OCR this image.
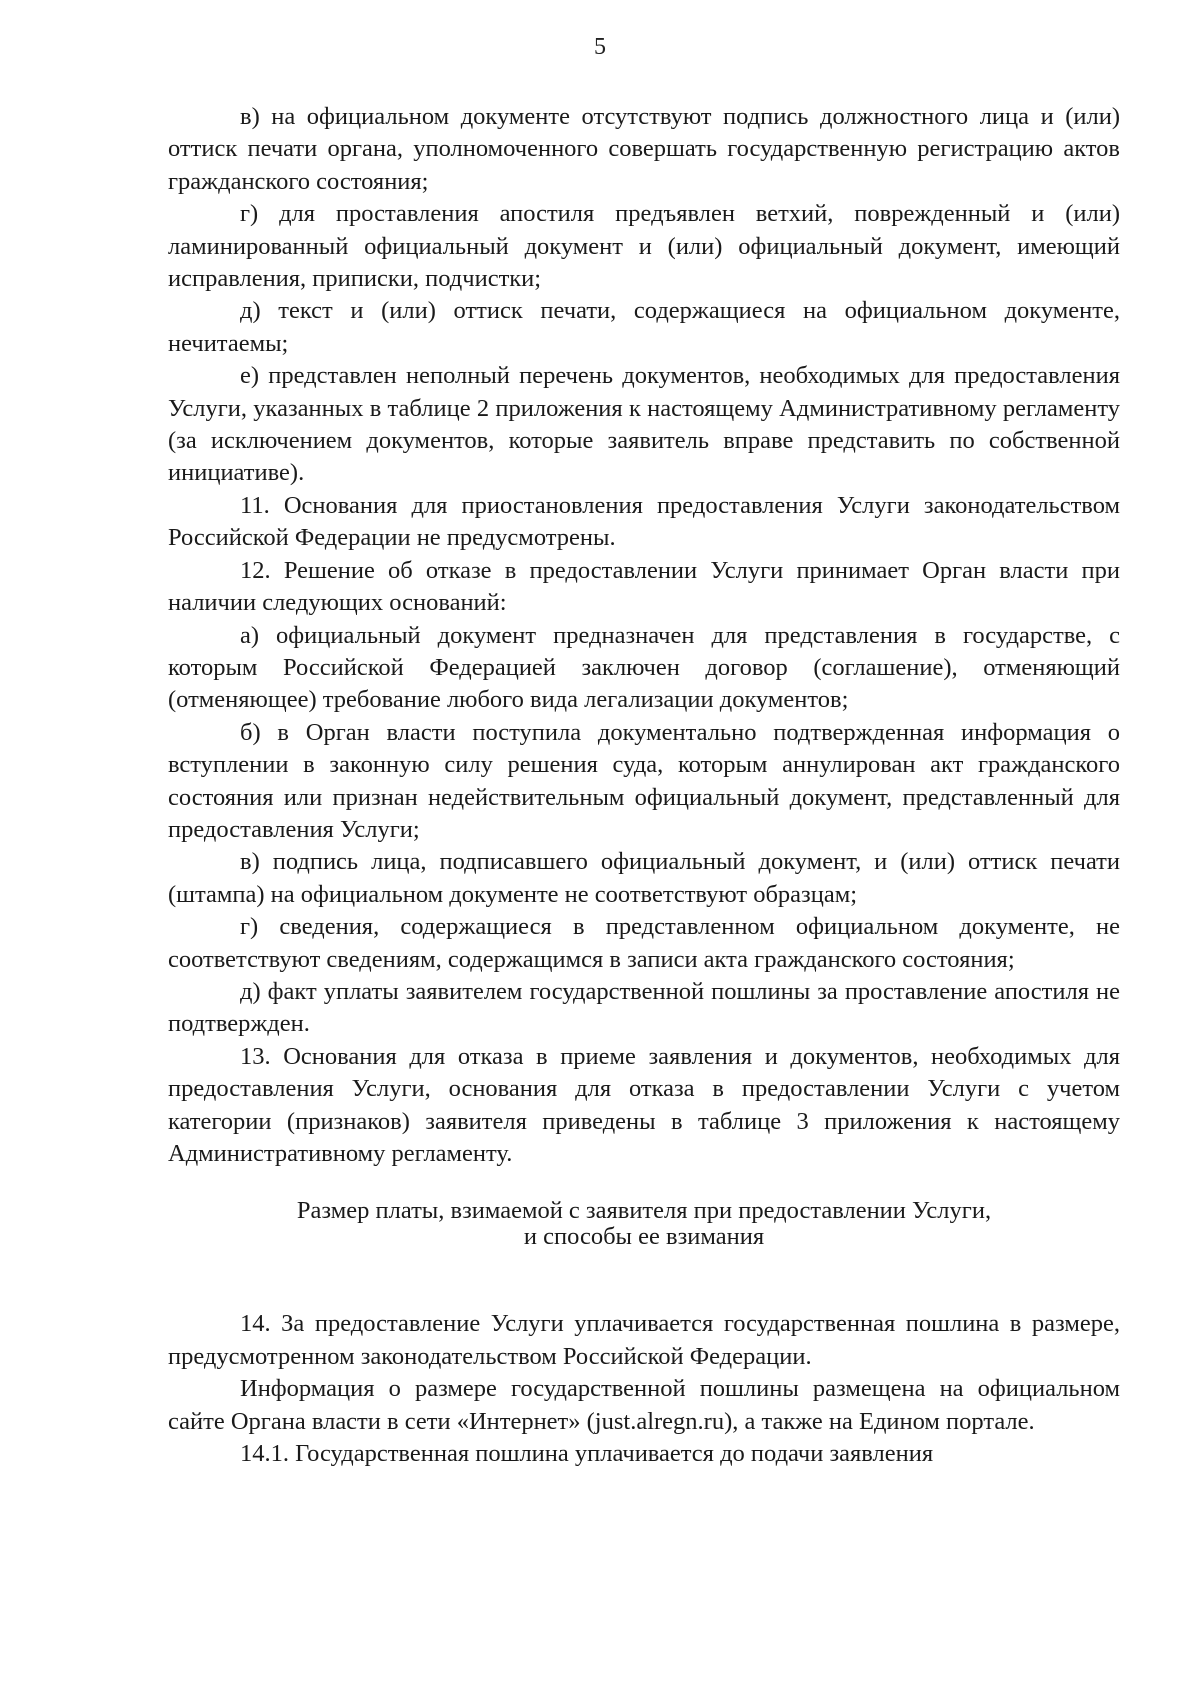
5

в) на официальном документе отсутствуют подпись должностного лица и (или) оттиск печати органа, уполномоченного совершать государственную регистрацию актов гражданского состояния;

г) для проставления апостиля предъявлен ветхий, поврежденный и (или) ламинированный официальный документ и (или) официальный документ, имеющий исправления, приписки, подчистки;

д) текст и (или) оттиск печати, содержащиеся на официальном документе, нечитаемы;

е) представлен неполный перечень документов, необходимых для предоставления Услуги, указанных в таблице 2 приложения к настоящему Административному регламенту (за исключением документов, которые заявитель вправе представить по собственной инициативе).

11. Основания для приостановления предоставления Услуги законодательством Российской Федерации не предусмотрены.

12. Решение об отказе в предоставлении Услуги принимает Орган власти при наличии следующих оснований:

а) официальный документ предназначен для представления в государстве, с которым Российской Федерацией заключен договор (соглашение), отменяющий (отменяющее) требование любого вида легализации документов;

б) в Орган власти поступила документально подтвержденная информация о вступлении в законную силу решения суда, которым аннулирован акт гражданского состояния или признан недействительным официальный документ, представленный для предоставления Услуги;

в) подпись лица, подписавшего официальный документ, и (или) оттиск печати (штампа) на официальном документе не соответствуют образцам;

г) сведения, содержащиеся в представленном официальном документе, не соответствуют сведениям, содержащимся в записи акта гражданского состояния;

д) факт уплаты заявителем государственной пошлины за проставление апостиля не подтвержден.

13. Основания для отказа в приеме заявления и документов, необходимых для предоставления Услуги, основания для отказа в предоставлении Услуги с учетом категории (признаков) заявителя приведены в таблице 3 приложения к настоящему Административному регламенту.

Размер платы, взимаемой с заявителя при предоставлении Услуги,
и способы ее взимания

14. За предоставление Услуги уплачивается государственная пошлина в размере, предусмотренном законодательством Российской Федерации.

Информация о размере государственной пошлины размещена на официальном сайте Органа власти в сети «Интернет» (just.alregn.ru), а также на Едином портале.

14.1. Государственная пошлина уплачивается до подачи заявления
